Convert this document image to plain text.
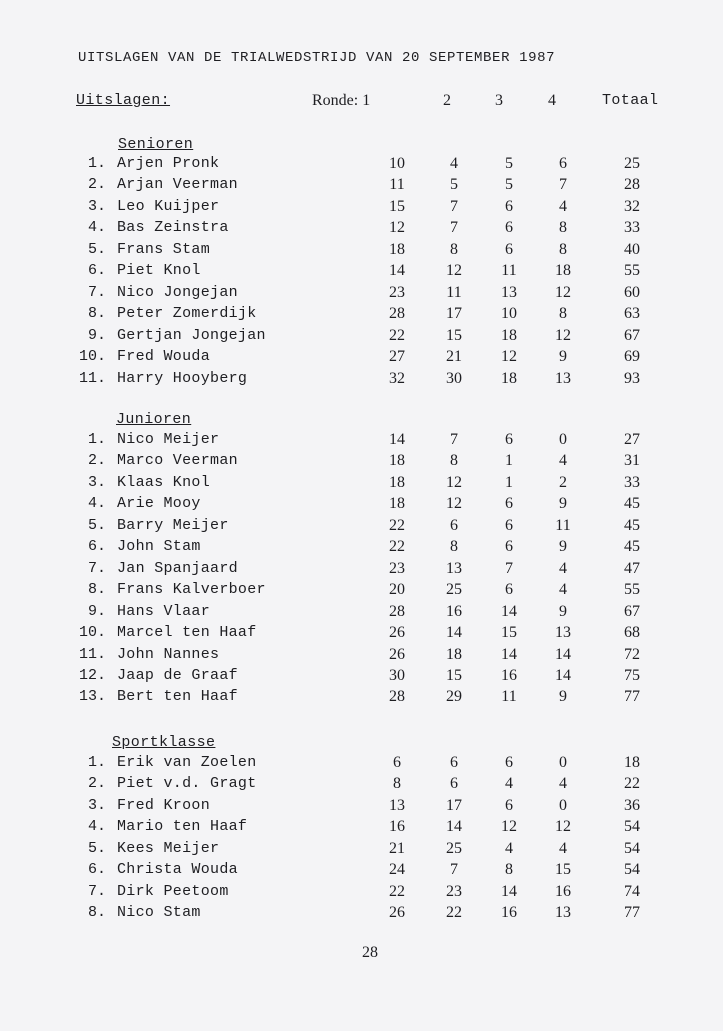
UITSLAGEN VAN DE TRIALWEDSTRIJD VAN 20 SEPTEMBER 1987
Uitslagen:	Ronde: 1	2	3	4	Totaal
Senioren
1. Arjen Pronk	10	4	5	6	25
2. Arjan Veerman	11	5	5	7	28
3. Leo Kuijper	15	7	6	4	32
4. Bas Zeinstra	12	7	6	8	33
5. Frans Stam	18	8	6	8	40
6. Piet Knol	14	12	11	18	55
7. Nico Jongejan	23	11	13	12	60
8. Peter Zomerdijk	28	17	10	8	63
9. Gertjan Jongejan	22	15	18	12	67
10. Fred Wouda	27	21	12	9	69
11. Harry Hooyberg	32	30	18	13	93
Junioren
1. Nico Meijer	14	7	6	0	27
2. Marco Veerman	18	8	1	4	31
3. Klaas Knol	18	12	1	2	33
4. Arie Mooy	18	12	6	9	45
5. Barry Meijer	22	6	6	11	45
6. John Stam	22	8	6	9	45
7. Jan Spanjaard	23	13	7	4	47
8. Frans Kalverboer	20	25	6	4	55
9. Hans Vlaar	28	16	14	9	67
10. Marcel ten Haaf	26	14	15	13	68
11. John Nannes	26	18	14	14	72
12. Jaap de Graaf	30	15	16	14	75
13. Bert ten Haaf	28	29	11	9	77
Sportklasse
1. Erik van Zoelen	6	6	6	0	18
2. Piet v.d. Gragt	8	6	4	4	22
3. Fred Kroon	13	17	6	0	36
4. Mario ten Haaf	16	14	12	12	54
5. Kees Meijer	21	25	4	4	54
6. Christa Wouda	24	7	8	15	54
7. Dirk Peetoom	22	23	14	16	74
8. Nico Stam	26	22	16	13	77
28
